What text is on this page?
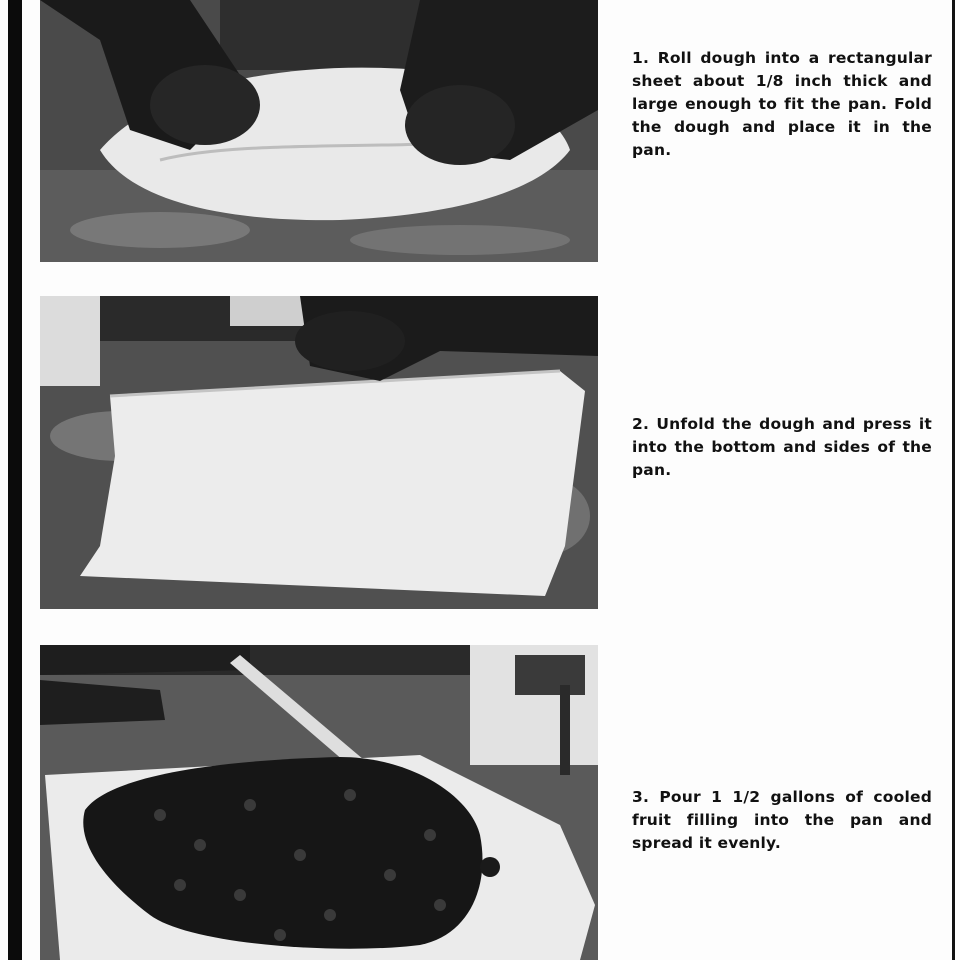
1. Roll dough into a rectangular sheet about 1/8 inch thick and large enough to fit the pan. Fold the dough and place it in the pan.

2. Unfold the dough and press it into the bottom and sides of the pan.

3. Pour 1 1/2 gallons of cooled fruit filling into the pan and spread it evenly.
